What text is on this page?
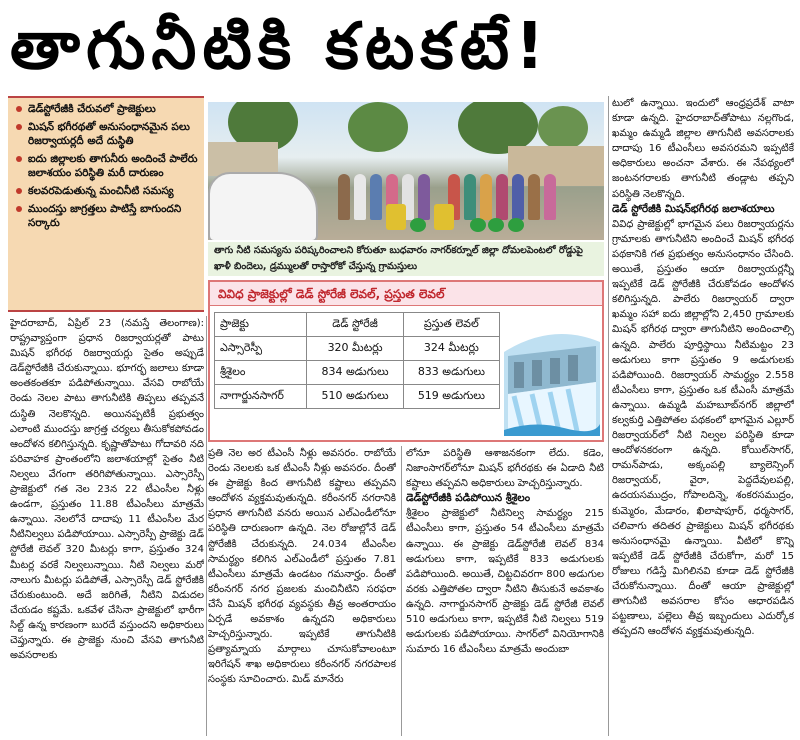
తాగునీటికి కటకటే!
డెడ్‌స్టోరేజీకి చేరువలో ప్రాజెక్టులు
మిషన్‌ భగీరథతో అనుసంధానమైన పలు రిజర్వాయర్లదీ అదే దుస్థితి
ఐదు జిల్లాలకు తాగునీరు అందించే పాలేరు జలాశయం పరిస్థితి మరీ దారుణం
కలవరపెడుతున్న మంచినీటి సమస్య
ముందస్తు జాగ్రత్తలు పాటిస్తే బాగుందని సర్కారు
తాగు నీటి సమస్యను పరిష్కరించాలని కోరుతూ బుధవారం నాగర్‌కర్నూల్‌ జిల్లా దోమలపెంటలో రోడ్డుపై ఖాళీ బిందెలు, డ్రమ్ములతో రాస్తారోకో చేస్తున్న గ్రామస్తులు
వివిధ ప్రాజెక్టుల్లో డెడ్‌ స్టోరేజీ లెవల్‌, ప్రస్తుత లెవల్‌
ప్రాజెక్టు	డెడ్‌ స్టోరేజీ	ప్రస్తుత లెవల్‌
ఎస్సారెస్పీ	320 మీటర్లు	324 మీటర్లు
శ్రీశైలం	834 అడుగులు	833 అడుగులు
నాగార్జునసాగర్‌	510 అడుగులు	519 అడుగులు

హైదరాబాద్‌, ఏప్రిల్‌ 23 (నమస్తే తెలంగాణ): రాష్ట్రవ్యాప్తంగా ప్రధాన రిజర్వాయర్లతో పాటు మిషన్‌ భగీరథ రిజర్వాయర్లు సైతం అప్పుడే డెడ్‌స్టోరేజీకి చేరుకున్నాయి. భూగర్భ జలాలు కూడా అంతకంతకూ పడిపోతున్నాయి. వేసవి రాబోయే రెండు నెలల పాటు తాగునీటికి తిప్పలు తప్పవనే దుస్థితి నెలకొన్నది. అయినప్పటికీ ప్రభుత్వం ఎలాంటి ముందస్తు జాగ్రత్త చర్యలు తీసుకోకపోవడం ఆందోళన కలిగిస్తున్నది. కృష్ణాతోపాటు గోదావరి నది పరివాహక ప్రాంతంలోని జలాశయాల్లో సైతం నీటి నిల్వలు వేగంగా తరిగిపోతున్నాయి. ఎస్సారెస్పీ ప్రాజెక్టులో గత నెల 23న 22 టీఎంసీల నీళ్లు ఉండగా, ప్రస్తుతం 11.88 టీఎంసీలు మాత్రమే ఉన్నాయి. నెలలోనే దాదాపు 11 టీఎంసీల మేర నీటినిల్వలు పడిపోయాయి. ఎస్సారెస్పీ ప్రాజెక్టు డెడ్‌ స్టోరేజీ లెవల్‌ 320 మీటర్లు కాగా, ప్రస్తుతం 324 మీటర్ల వరకే నిల్వలున్నాయి. నీటి నిల్వలు మరో నాలుగు మీటర్లు పడిపోతే, ఎస్సారెస్పీ డెడ్‌ స్టోరేజీకి చేరుకుంటుంది. అదే జరిగితే, నీటిని విడుదల చేయడం కష్టమే. ఒకవేళ చేసినా ప్రాజెక్టులో భారీగా సిల్ట్‌ ఉన్న కారణంగా బురదే వస్తుందని అధికారులు చెప్తున్నారు. ఈ ప్రాజెక్టు నుంచి వేసవి తాగునీటి అవసరాలకు

ప్రతి నెల అర టీఎంసీ నీళ్లు అవసరం. రాబోయే రెండు నెలలకు ఒక టీఎంసీ నీళ్లు అవసరం. దీంతో ఈ ప్రాజెక్టు కింద తాగునీటి కష్టాలు తప్పవని ఆందోళన వ్యక్తమవుతున్నది. కరీంనగర్‌ నగరానికి ప్రధాన తాగునీటి వనరు అయిన ఎల్‌ఎండీలోనూ పరిస్థితి దారుణంగా ఉన్నది. నెల రోజుల్లోనే డెడ్‌ స్టోరేజీకి చేరుకున్నది. 24.034 టీఎంసీల సామర్థ్యం కలిగిన ఎల్‌ఎండీలో ప్రస్తుతం 7.81 టీఎంసీలు మాత్రమే ఉండటం గమనార్హం. దీంతో కరీంనగర్‌ నగర ప్రజలకు మంచినీటిని సరఫరా చేసే మిషన్‌ భగీరథ వ్యవస్థకు తీవ్ర అంతరాయం ఏర్పడే అవకాశం ఉన్నదని అధికారులు హెచ్చరిస్తున్నారు. ఇప్పటికే తాగునీటికి ప్రత్యామ్నాయ మార్గాలు చూసుకోవాలంటూ ఇరిగేషన్‌ శాఖ అధికారులు కరీంనగర్‌ నగరపాలక సంస్థకు సూచించారు. మిడ్‌ మానేరు

లోనూ పరిస్థితి ఆశాజనకంగా లేదు. కడెం, నిజాంసాగర్‌లోనూ మిషన్‌ భగీరథకు ఈ ఏడాది నీటి కష్టాలు తప్పవని అధికారులు హెచ్చరిస్తున్నారు.

డెడ్‌స్టోరేజీకి పడిపోయిన శ్రీశైలం

శ్రీశైలం ప్రాజెక్టులో నీటినిల్వ సామర్థ్యం 215 టీఎంసీలు కాగా, ప్రస్తుతం 54 టీఎంసీలు మాత్రమే ఉన్నాయి. ఈ ప్రాజెక్టు డెడ్‌స్టోరేజీ లెవల్‌ 834 అడుగులు కాగా, ఇప్పటికే 833 అడుగులకు పడిపోయింది. అయితే, చిట్టచివరగా 800 అడుగుల వరకు ఎత్తిపోతల ద్వారా నీటిని తీసుకునే అవకాశం ఉన్నది. నాగార్జునసాగర్‌ ప్రాజెక్టు డెడ్‌ స్టోరేజీ లెవల్‌ 510 అడుగులు కాగా, ఇప్పటికే నీటి నిల్వలు 519 అడుగులకు పడిపోయాయి. సాగర్‌లో వినియోగానికి సుమారు 16 టీఎంసీలు మాత్రమే అందుబా

టులో ఉన్నాయి. ఇందులో ఆంధ్రప్రదేశ్‌ వాటా కూడా ఉన్నది. హైదరాబాద్‌తోపాటు నల్లగొండ, ఖమ్మం ఉమ్మడి జిల్లాల తాగునీటి అవసరాలకు దాదాపు 16 టీఎంసీలు అవసరమని ఇప్పటికే అధికారులు అంచనా వేశారు. ఈ నేపథ్యంలో జంటనగరాలకు తాగునీటి తండ్లాట తప్పని పరిస్థితి నెలకొన్నది.

డెడ్‌ స్టోరేజీకి మిషన్‌భగీరథ జలాశయాలు

వివిధ ప్రాజెక్టుల్లో భాగమైన పలు రిజర్వాయర్లను గ్రామాలకు తాగునీటిని అందించే మిషన్‌ భగీరథ పథకానికి గత ప్రభుత్వం అనుసంధానం చేసింది. అయితే, ప్రస్తుతం ఆయా రిజర్వాయర్లన్నీ ఇప్పటికే డెడ్‌ స్టోరేజీకి చేరుకోవడం ఆందోళన కలిగిస్తున్నది. పాలేరు రిజర్వాయర్‌ ద్వారా ఖమ్మం సహా ఐదు జిల్లాల్లోని 2,450 గ్రామాలకు మిషన్‌ భగీరథ ద్వారా తాగునీటిని అందించాల్సి ఉన్నది. పాలేరు పూర్తిస్థాయి నీటిమట్టం 23 అడుగులు కాగా ప్రస్తుతం 9 అడుగులకు పడిపోయింది. రిజర్వాయర్‌ సామర్థ్యం 2.558 టీఎంసీలు కాగా, ప్రస్తుతం ఒక టీఎంసీ మాత్రమే ఉన్నాయి. ఉమ్మడి మహబూబ్‌నగర్‌ జిల్లాలో కల్వకుర్తి ఎత్తిపోతల పథకంలో భాగమైన ఎల్లూర్‌ రిజర్వాయర్‌లో నీటి నిల్వల పరిస్థితి కూడా ఆందోళనకరంగా ఉన్నది. కోయిల్‌సాగర్‌, రామన్‌పాడు, అక్కంపల్లి బ్యాలెన్సింగ్‌ రిజర్వాయర్‌, వైరా, పెద్దదేవులపల్లి, ఉదయసముద్రం, గోపాలదిన్నె, శంకరసముద్రం, కుమ్మెరం, మేడారం, ఖిలాషాపూర్‌, ధర్మసాగర్‌, చలివాగు తదితర ప్రాజెక్టులు మిషన్‌ భగీరథకు అనుసంధానమై ఉన్నాయి. వీటిలో కొన్ని ఇప్పటికే డెడ్‌ స్టోరేజీకి చేరుకోగా, మరో 15 రోజులు గడిస్తే మిగిలినవి కూడా డెడ్‌ స్టోరేజీకి చేరుకోనున్నాయి. దీంతో ఆయా ప్రాజెక్టుల్లో తాగునీటి అవసరాల కోసం ఆధారపడిన పట్టణాలు, పల్లెలు తీవ్ర ఇబ్బందులు ఎదుర్కోక తప్పదని ఆందోళన వ్యక్తమవుతున్నది.
